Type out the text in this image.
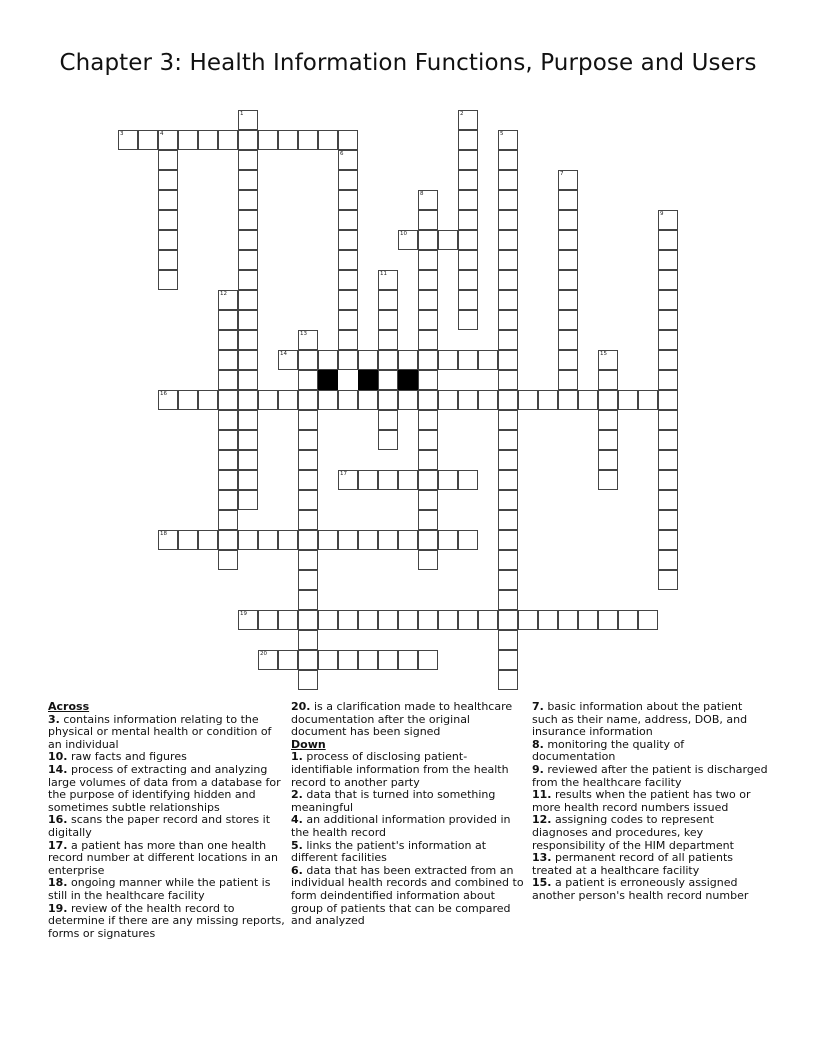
Chapter 3: Health Information Functions, Purpose and Users
3	4
10
14
16
17
18
19
20
1	2
5
6
7
8
9
11
12
13
15
Across
3. contains information relating to the physical or mental health or condition of an individual
10. raw facts and figures
14. process of extracting and analyzing large volumes of data from a database for the purpose of identifying hidden and sometimes subtle relationships
16. scans the paper record and stores it digitally
17. a patient has more than one health record number at different locations in an enterprise
18. ongoing manner while the patient is still in the healthcare facility
19. review of the health record to determine if there are any missing reports, forms or signatures
20. is a clarification made to healthcare documentation after the original document has been signed
Down
1. process of disclosing patient-identifiable information from the health record to another party
2. data that is turned into something meaningful
4. an additional information provided in the health record
5. links the patient's information at different facilities
6. data that has been extracted from an individual health records and combined to form deindentified information about group of patients that can be compared and analyzed
7. basic information about the patient such as their name, address, DOB, and insurance information
8. monitoring the quality of documentation
9. reviewed after the patient is discharged from the healthcare facility
11. results when the patient has two or more health record numbers issued
12. assigning codes to represent diagnoses and procedures, key responsibility of the HIM department
13. permanent record of all patients treated at a healthcare facility
15. a patient is erroneously assigned another person's health record number
